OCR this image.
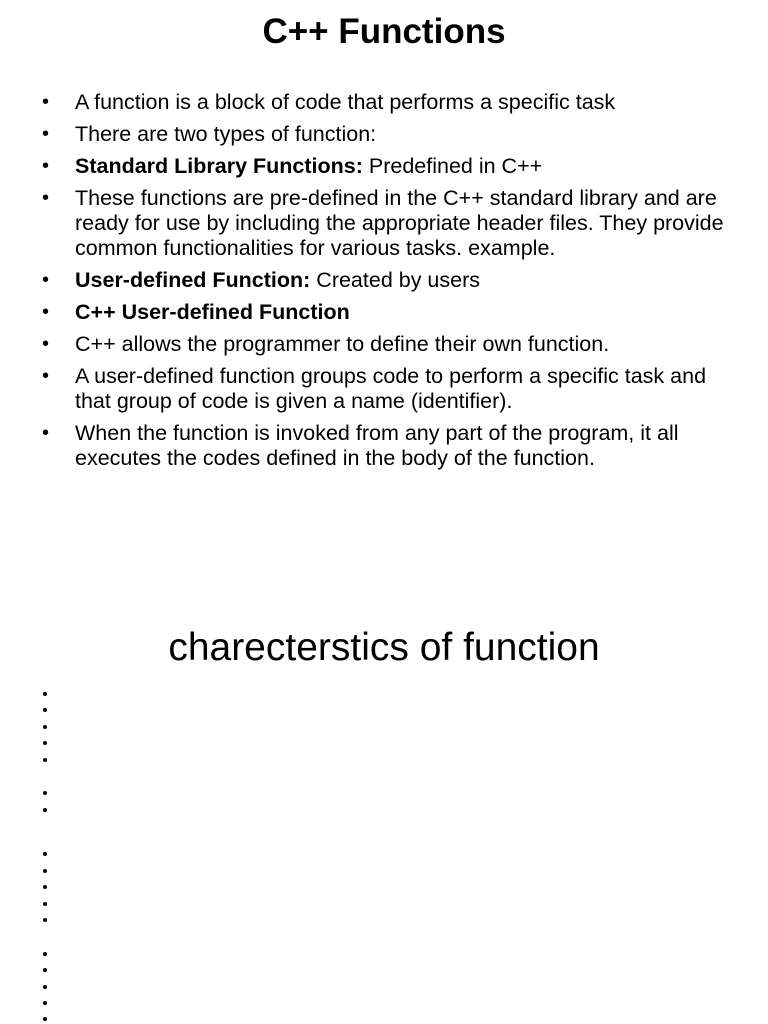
C++ Functions
• A function is a block of code that performs a specific task
• There are two types of function:
• Standard Library Functions: Predefined in C++
• These functions are pre-defined in the C++ standard library and are ready for use by including the appropriate header files. They provide common functionalities for various tasks. example.
• User-defined Function: Created by users
• C++ User-defined Function
• C++ allows the programmer to define their own function.
• A user-defined function groups code to perform a specific task and that group of code is given a name (identifier).
• When the function is invoked from any part of the program, it all executes the codes defined in the body of the function.
charecterstics of function
